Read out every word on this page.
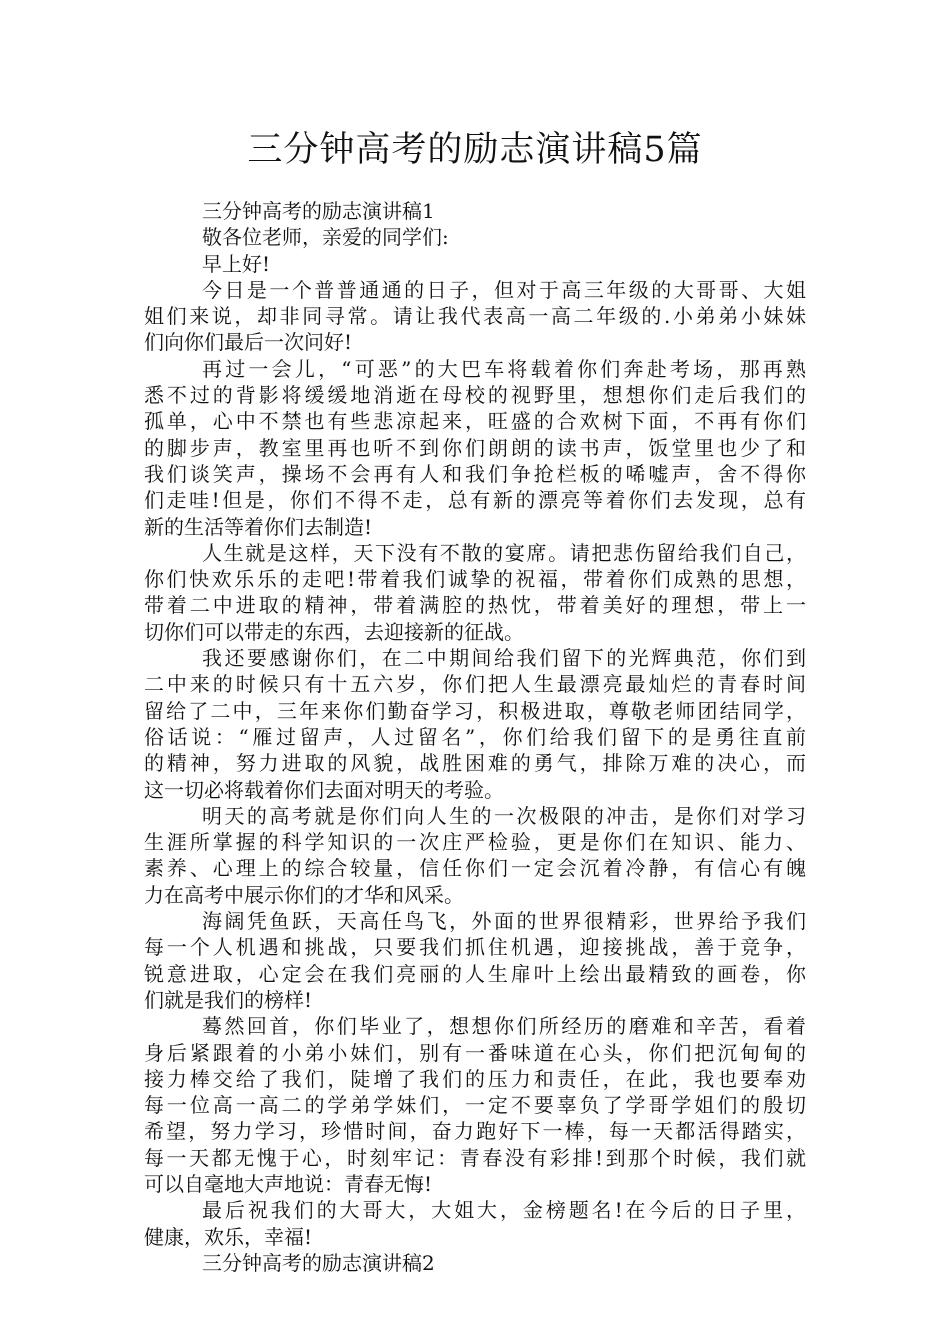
三分钟高考的励志演讲稿5篇
三分钟高考的励志演讲稿1
敬各位老师，亲爱的同学们:
早上好!
今日是一个普普通通的日子，但对于高三年级的大哥哥、大姐
姐们来说，却非同寻常。请让我代表高一高二年级的.小弟弟小妹妹
们向你们最后一次问好!
再过一会儿，“可恶”的大巴车将载着你们奔赴考场，那再熟
悉不过的背影将缓缓地消逝在母校的视野里，想想你们走后我们的
孤单，心中不禁也有些悲凉起来，旺盛的合欢树下面，不再有你们
的脚步声，教室里再也听不到你们朗朗的读书声，饭堂里也少了和
我们谈笑声，操场不会再有人和我们争抢栏板的唏嘘声，舍不得你
们走哇!但是，你们不得不走，总有新的漂亮等着你们去发现，总有
新的生活等着你们去制造!
人生就是这样，天下没有不散的宴席。请把悲伤留给我们自己，
你们快欢乐乐的走吧!带着我们诚挚的祝福，带着你们成熟的思想，
带着二中进取的精神，带着满腔的热忱，带着美好的理想，带上一
切你们可以带走的东西，去迎接新的征战。
我还要感谢你们，在二中期间给我们留下的光辉典范，你们到
二中来的时候只有十五六岁，你们把人生最漂亮最灿烂的青春时间
留给了二中，三年来你们勤奋学习，积极进取，尊敬老师团结同学，
俗话说：“雁过留声，人过留名”，你们给我们留下的是勇往直前
的精神，努力进取的风貌，战胜困难的勇气，排除万难的决心，而
这一切必将载着你们去面对明天的考验。
明天的高考就是你们向人生的一次极限的冲击，是你们对学习
生涯所掌握的科学知识的一次庄严检验，更是你们在知识、能力、
素养、心理上的综合较量，信任你们一定会沉着冷静，有信心有魄
力在高考中展示你们的才华和风采。
海阔凭鱼跃，天高任鸟飞，外面的世界很精彩，世界给予我们
每一个人机遇和挑战，只要我们抓住机遇，迎接挑战，善于竞争，
锐意进取，心定会在我们亮丽的人生扉叶上绘出最精致的画卷，你
们就是我们的榜样!
蓦然回首，你们毕业了，想想你们所经历的磨难和辛苦，看着
身后紧跟着的小弟小妹们，别有一番味道在心头，你们把沉甸甸的
接力棒交给了我们，陡增了我们的压力和责任，在此，我也要奉劝
每一位高一高二的学弟学妹们，一定不要辜负了学哥学姐们的殷切
希望，努力学习，珍惜时间，奋力跑好下一棒，每一天都活得踏实，
每一天都无愧于心，时刻牢记：青春没有彩排!到那个时候，我们就
可以自毫地大声地说：青春无悔!
最后祝我们的大哥大，大姐大，金榜题名!在今后的日子里，
健康，欢乐，幸福!
三分钟高考的励志演讲稿2
